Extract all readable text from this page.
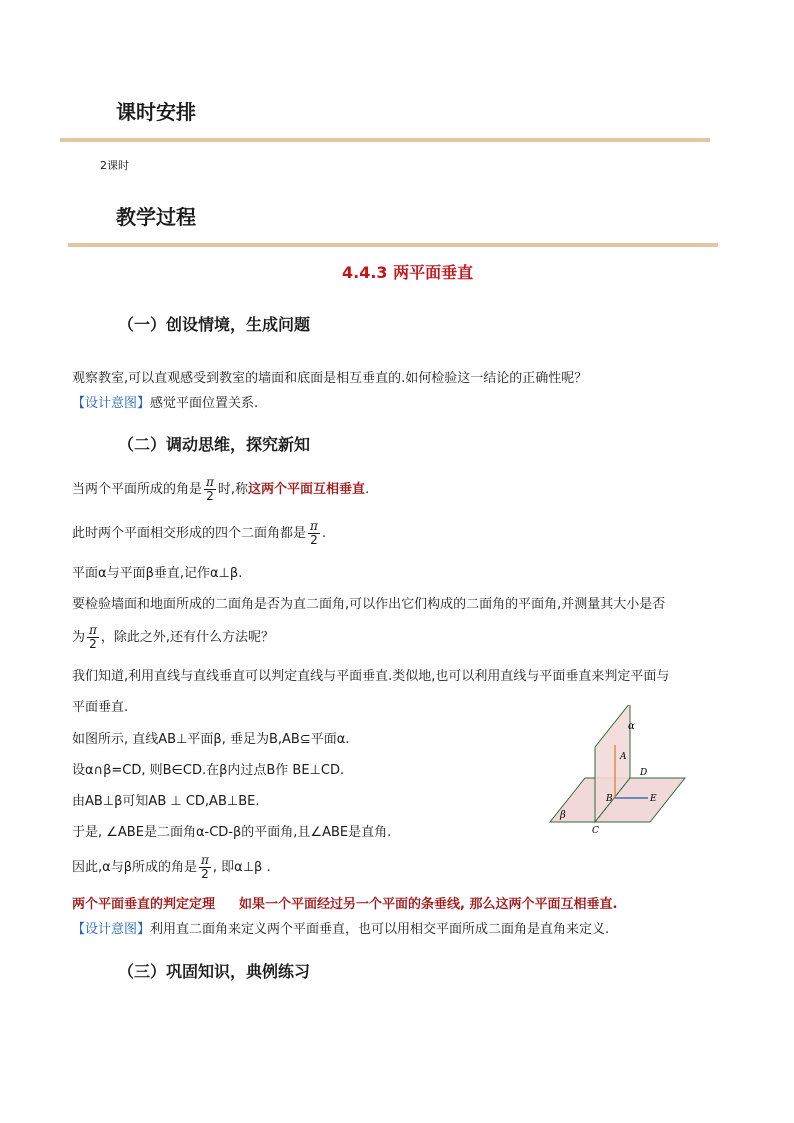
课时安排
2课时
教学过程
4.4.3 两平面垂直
（一）创设情境，生成问题
观察教室,可以直观感受到教室的墙面和底面是相互垂直的.如何检验这一结论的正确性呢？
【设计意图】感觉平面位置关系.
（二）调动思维，探究新知
当两个平面所成的角是 $\frac{\pi}{2}$ 时,称这两个平面互相垂直.
此时两个平面相交形成的四个二面角都是 $\frac{\pi}{2}$ .
平面α与平面β垂直,记作α⊥β.
要检验墙面和地面所成的二面角是否为直二面角,可以作出它们构成的二面角的平面角,并测量其大小是否
为 $\frac{\pi}{2}$ ，除此之外,还有什么方法呢？
我们知道,利用直线与直线垂直可以判定直线与平面垂直.类似地,也可以利用直线与平面垂直来判定平面与
平面垂直.
如图所示, 直线AB⊥平面β, 垂足为B,AB⊆平面α.
设α∩β=CD, 则B∈CD.在β内过点B作 BE⊥CD.
由AB⊥β可知AB ⊥ CD,AB⊥BE.
于是, ∠ABE是二面角α-CD-β的平面角,且∠ABE是直角.
因此,α与β所成的角是 $\frac{\pi}{2}$ , 即α⊥β .
两个平面垂直的判定定理 如果一个平面经过另一个平面的条垂线, 那么这两个平面互相垂直.
【设计意图】利用直二面角来定义两个平面垂直，也可以用相交平面所成二面角是直角来定义.
（三）巩固知识，典例练习
α
β
A
B
C
D
E
